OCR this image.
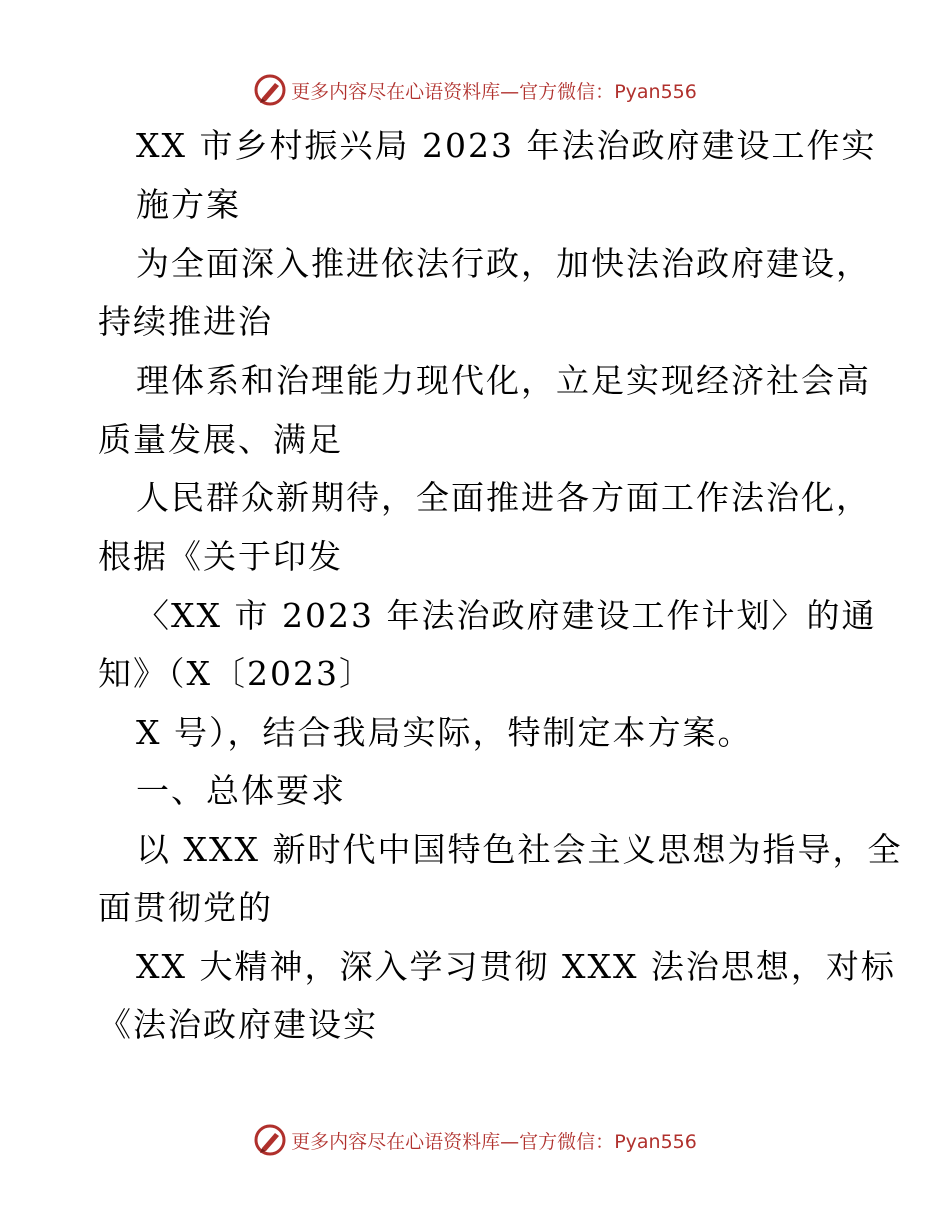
更多内容尽在心语资料库—官方微信：Pyan556
XX 市乡村振兴局 2023 年法治政府建设工作实
施方案
为全面深入推进依法行政，加快法治政府建设，
持续推进治
理体系和治理能力现代化，立足实现经济社会高
质量发展、满足
人民群众新期待，全面推进各方面工作法治化，
根据《关于印发
〈XX 市 2023 年法治政府建设工作计划〉的通
知》（X〔2023〕
X 号），结合我局实际，特制定本方案。
一、总体要求
以 XXX 新时代中国特色社会主义思想为指导，全
面贯彻党的
XX 大精神，深入学习贯彻 XXX 法治思想，对标
《法治政府建设实
更多内容尽在心语资料库—官方微信：Pyan556
